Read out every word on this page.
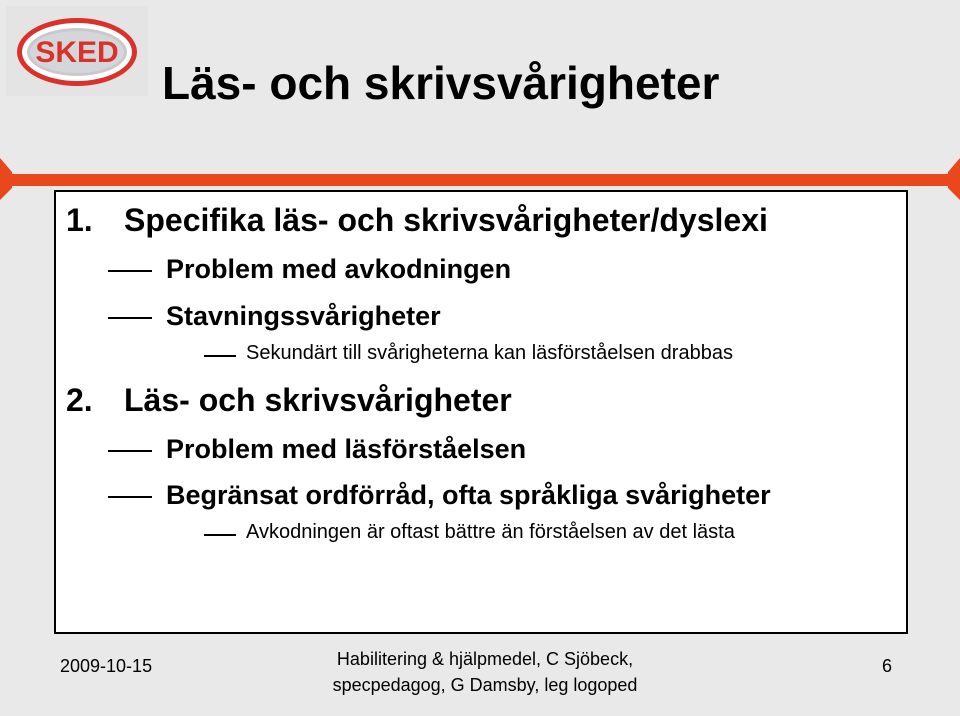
SKED
Läs- och skrivsvårigheter
1. Specifika läs- och skrivsvårigheter/dyslexi
Problem med avkodningen
Stavningssvårigheter
Sekundärt till svårigheterna kan läsförståelsen drabbas
2. Läs- och skrivsvårigheter
Problem med läsförståelsen
Begränsat ordförråd, ofta språkliga svårigheter
Avkodningen är oftast bättre än förståelsen av det lästa
2009-10-15	Habilitering & hjälpmedel, C Sjöbeck,
specpedagog, G Damsby, leg logoped
6
